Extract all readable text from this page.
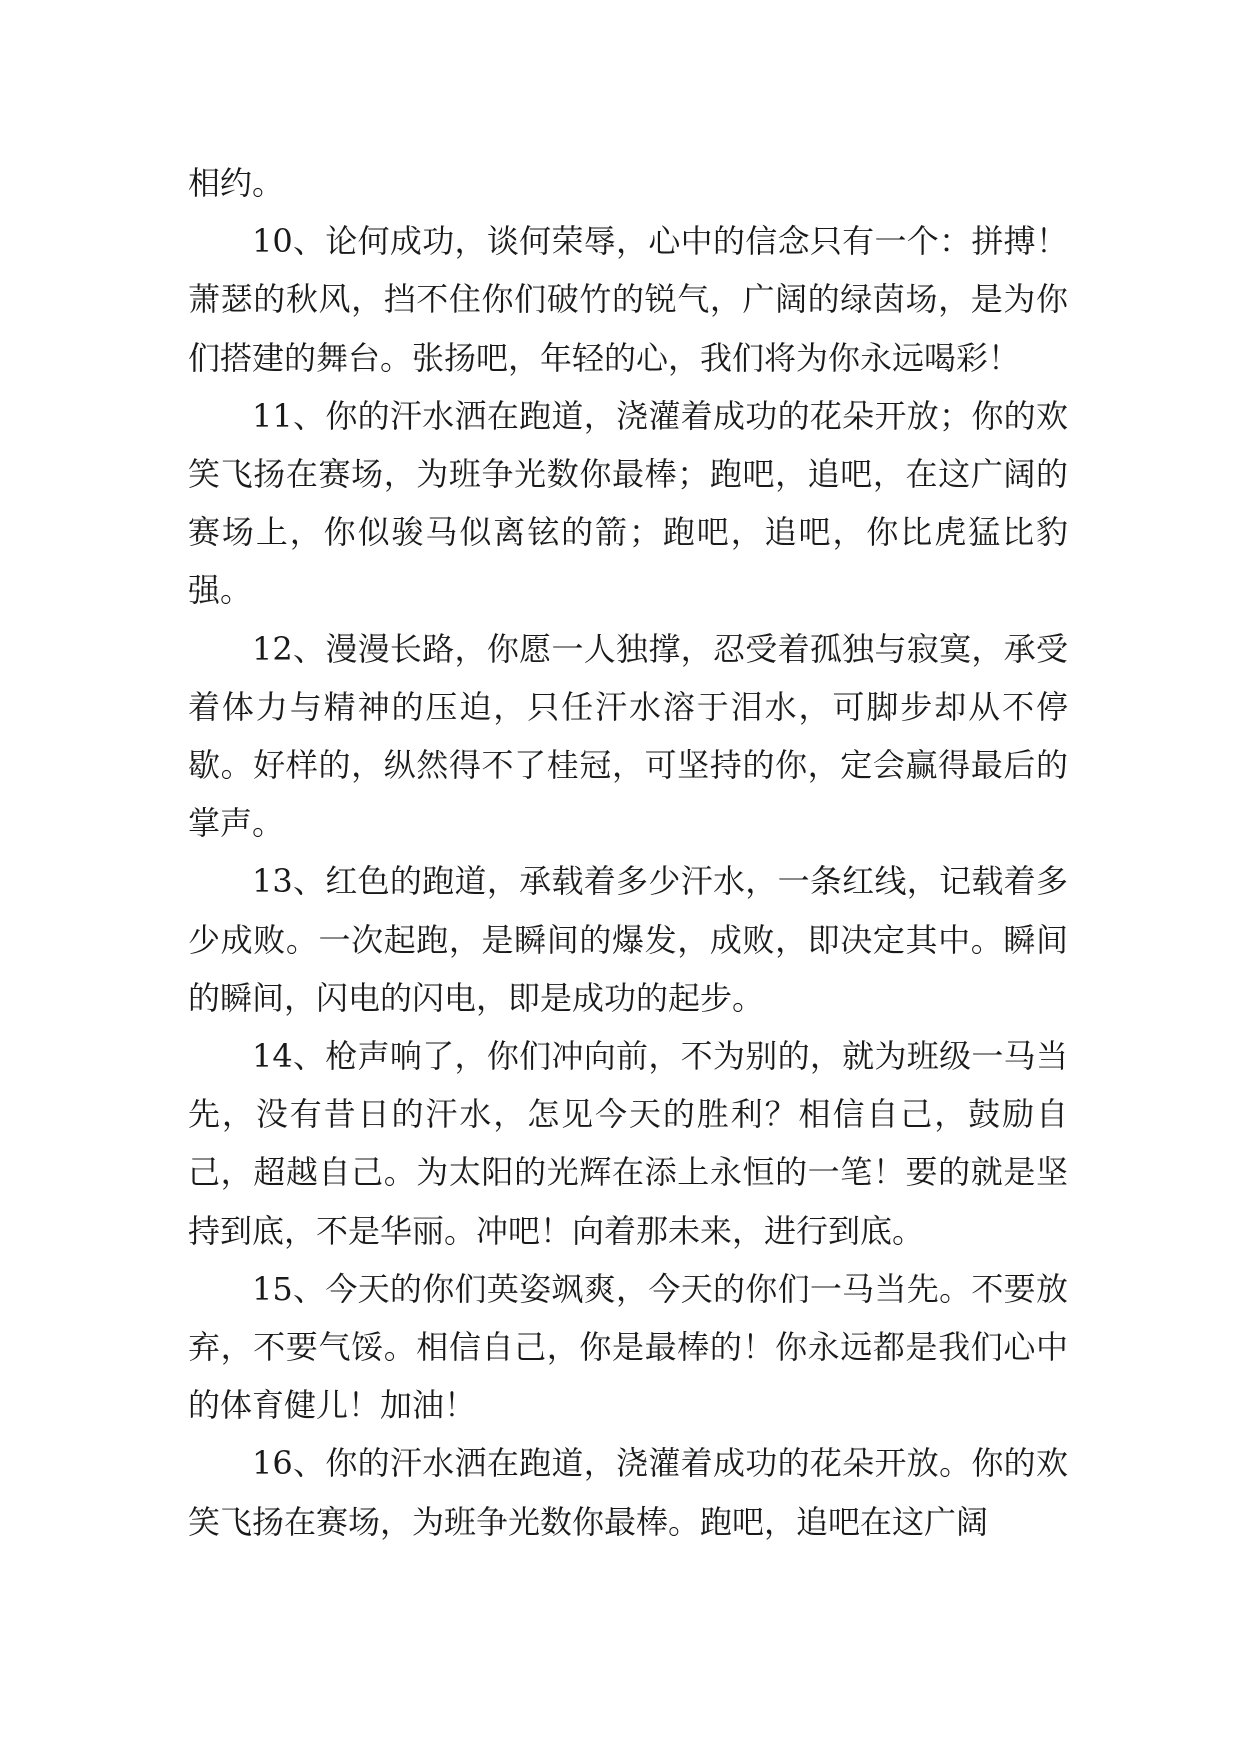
相约。

10、论何成功，谈何荣辱，心中的信念只有一个：拼搏！萧瑟的秋风，挡不住你们破竹的锐气，广阔的绿茵场，是为你们搭建的舞台。张扬吧，年轻的心，我们将为你永远喝彩！

11、你的汗水洒在跑道，浇灌着成功的花朵开放；你的欢笑飞扬在赛场，为班争光数你最棒；跑吧，追吧，在这广阔的赛场上，你似骏马似离铉的箭；跑吧，追吧，你比虎猛比豹强。

12、漫漫长路，你愿一人独撑，忍受着孤独与寂寞，承受着体力与精神的压迫，只任汗水溶于泪水，可脚步却从不停歇。好样的，纵然得不了桂冠，可坚持的你，定会赢得最后的掌声。

13、红色的跑道，承载着多少汗水，一条红线，记载着多少成败。一次起跑，是瞬间的爆发，成败，即决定其中。瞬间的瞬间，闪电的闪电，即是成功的起步。

14、枪声响了，你们冲向前，不为别的，就为班级一马当先，没有昔日的汗水，怎见今天的胜利？相信自己，鼓励自己，超越自己。为太阳的光辉在添上永恒的一笔！要的就是坚持到底，不是华丽。冲吧！向着那未来，进行到底。

15、今天的你们英姿飒爽，今天的你们一马当先。不要放弃，不要气馁。相信自己，你是最棒的！你永远都是我们心中的体育健儿！加油！

16、你的汗水洒在跑道，浇灌着成功的花朵开放。你的欢笑飞扬在赛场，为班争光数你最棒。跑吧，追吧在这广阔
